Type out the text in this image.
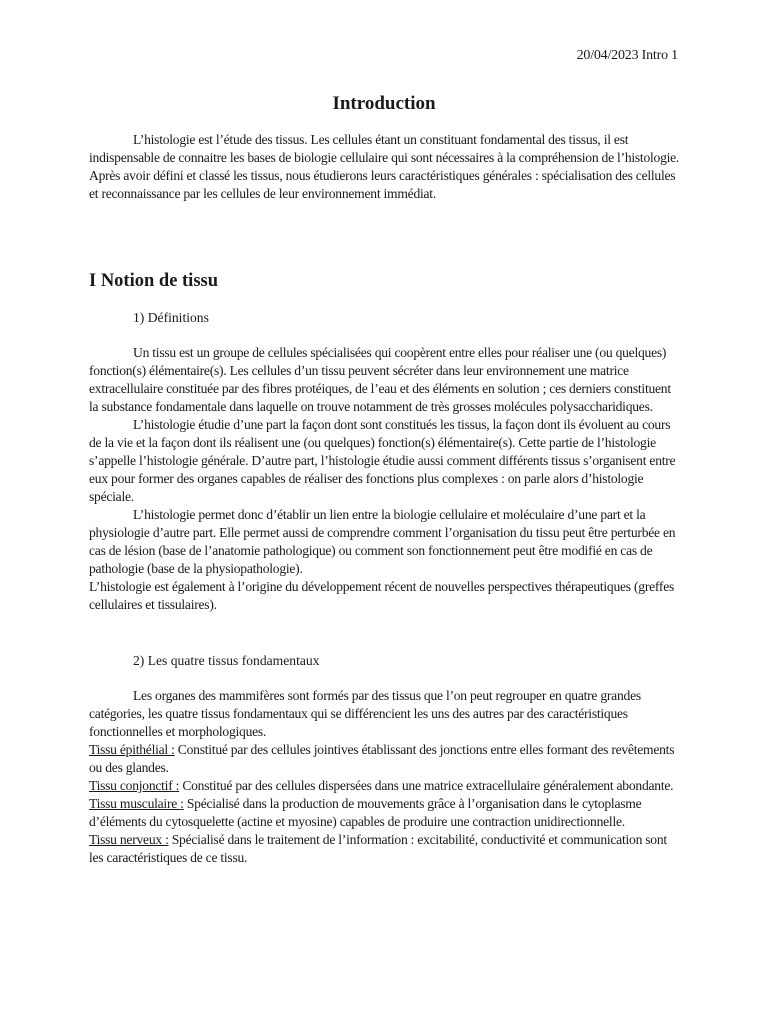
20/04/2023 Intro 1
Introduction

L’histologie est l’étude des tissus. Les cellules étant un constituant fondamental des tissus, il est indispensable de connaitre les bases de biologie cellulaire qui sont nécessaires à la compréhension de l’histologie. Après avoir défini et classé les tissus, nous étudierons leurs caractéristiques générales : spécialisation des cellules et reconnaissance par les cellules de leur environnement immédiat.

I Notion de tissu
1) Définitions

Un tissu est un groupe de cellules spécialisées qui coopèrent entre elles pour réaliser une (ou quelques) fonction(s) élémentaire(s). Les cellules d’un tissu peuvent sécréter dans leur environnement une matrice extracellulaire constituée par des fibres protéiques, de l’eau et des éléments en solution ; ces derniers constituent la substance fondamentale dans laquelle on trouve notamment de très grosses molécules polysaccharidiques.

L’histologie étudie d’une part la façon dont sont constitués les tissus, la façon dont ils évoluent au cours de la vie et la façon dont ils réalisent une (ou quelques) fonction(s) élémentaire(s). Cette partie de l’histologie s’appelle l’histologie générale. D’autre part, l’histologie étudie aussi comment différents tissus s’organisent entre eux pour former des organes capables de réaliser des fonctions plus complexes : on parle alors d’histologie spéciale.

L’histologie permet donc d’établir un lien entre la biologie cellulaire et moléculaire d’une part et la physiologie d’autre part. Elle permet aussi de comprendre comment l’organisation du tissu peut être perturbée en cas de lésion (base de l’anatomie pathologique) ou comment son fonctionnement peut être modifié en cas de pathologie (base de la physiopathologie).

L’histologie est également à l’origine du développement récent de nouvelles perspectives thérapeutiques (greffes cellulaires et tissulaires).

2) Les quatre tissus fondamentaux

Les organes des mammifères sont formés par des tissus que l’on peut regrouper en quatre grandes catégories, les quatre tissus fondamentaux qui se différencient les uns des autres par des caractéristiques fonctionnelles et morphologiques.

Tissu épithélial : Constitué par des cellules jointives établissant des jonctions entre elles formant des revêtements ou des glandes.

Tissu conjonctif : Constitué par des cellules dispersées dans une matrice extracellulaire généralement abondante.

Tissu musculaire : Spécialisé dans la production de mouvements grâce à l’organisation dans le cytoplasme d’éléments du cytosquelette (actine et myosine) capables de produire une contraction unidirectionnelle.

Tissu nerveux : Spécialisé dans le traitement de l’information : excitabilité, conductivité et communication sont les caractéristiques de ce tissu.
